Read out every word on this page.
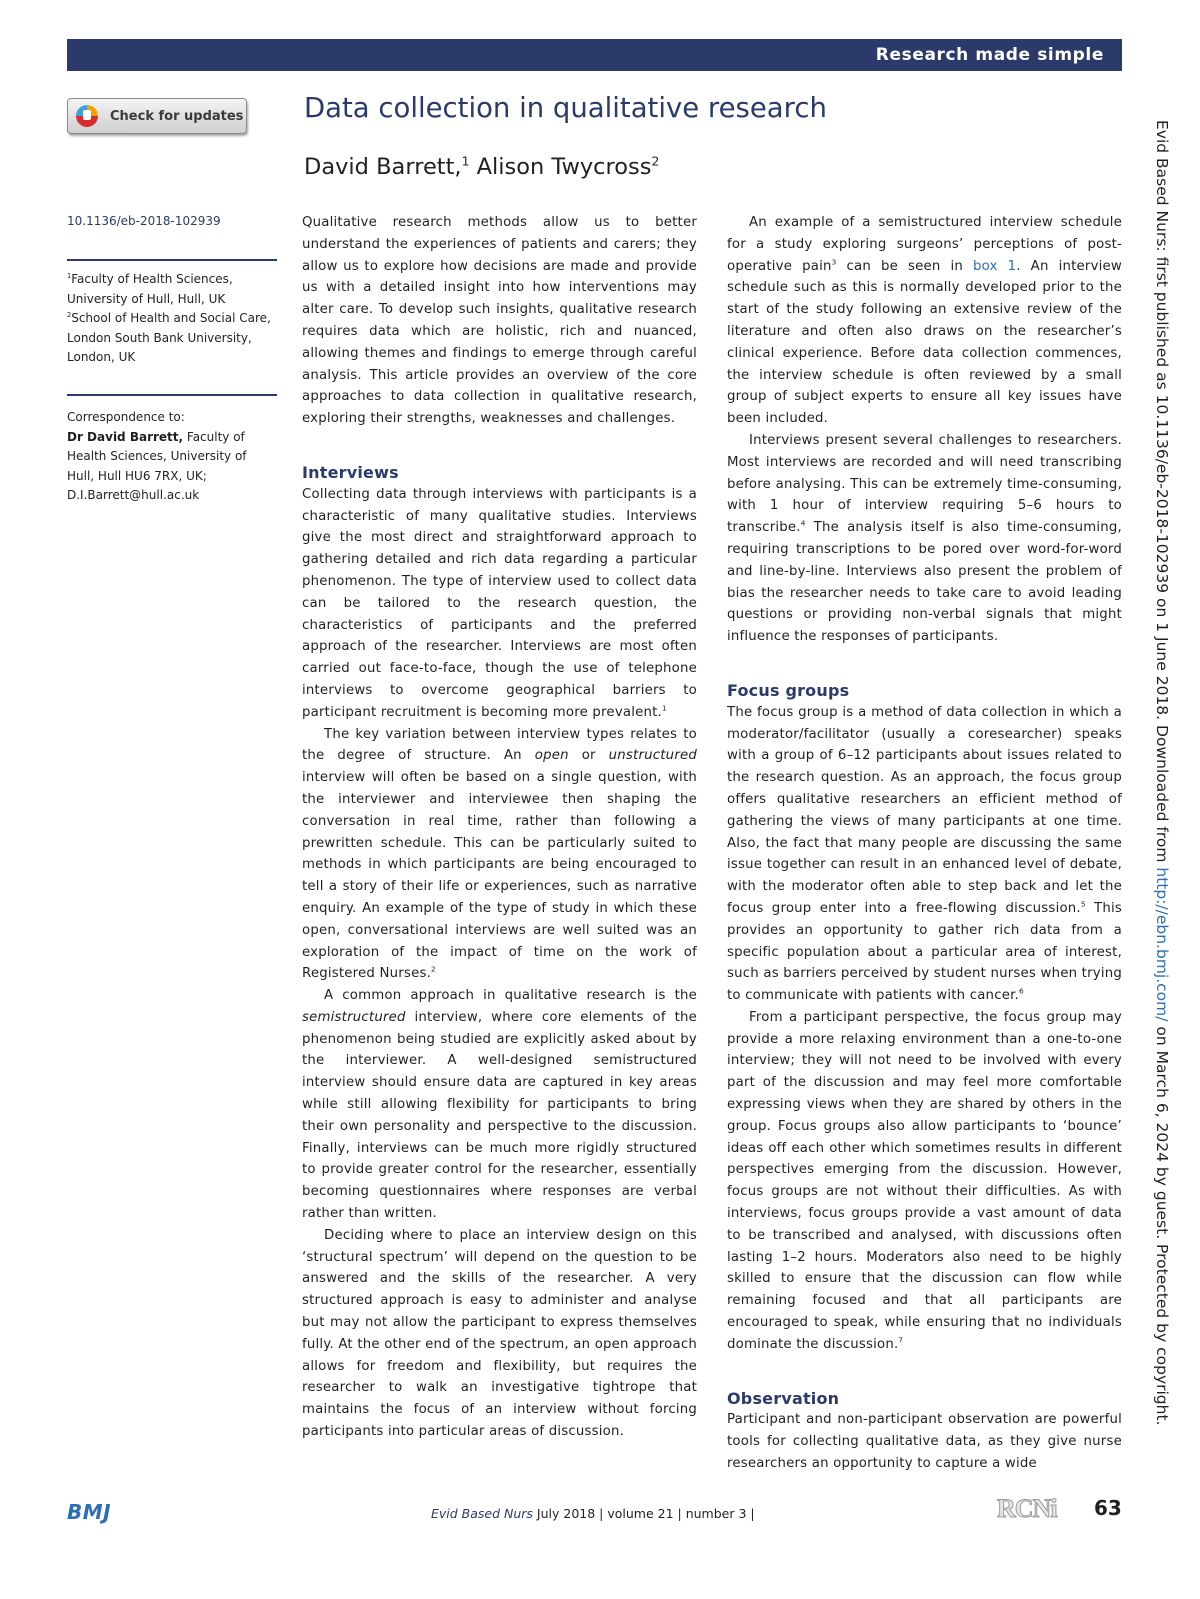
Research made simple
Check for updates Data collection in qualitative research
David Barrett,$^1$ Alison Twycross$^2$
10.1136/eb-2018-102939
$^1$Faculty of Health Sciences, University of Hull, Hull, UK
$^2$School of Health and Social Care, London South Bank University, London, UK
Correspondence to:
Dr David Barrett, Faculty of Health Sciences, University of Hull, Hull HU6 7RX, UK; D.I.Barrett@hull.ac.uk

Qualitative research methods allow us to better understand the experiences of patients and carers; they allow us to explore how decisions are made and provide us with a detailed insight into how interventions may alter care. To develop such insights, qualitative research requires data which are holistic, rich and nuanced, allowing themes and findings to emerge through careful analysis. This article provides an overview of the core approaches to data collection in qualitative research, exploring their strengths, weaknesses and challenges.

Interviews

Collecting data through interviews with participants is a characteristic of many qualitative studies. Interviews give the most direct and straightforward approach to gathering detailed and rich data regarding a particular phenomenon. The type of interview used to collect data can be tailored to the research question, the characteristics of participants and the preferred approach of the researcher. Interviews are most often carried out face-to-face, though the use of telephone interviews to overcome geographical barriers to participant recruitment is becoming more prevalent.$^1$

The key variation between interview types relates to the degree of structure. An open or unstructured interview will often be based on a single question, with the interviewer and interviewee then shaping the conversation in real time, rather than following a prewritten schedule. This can be particularly suited to methods in which participants are being encouraged to tell a story of their life or experiences, such as narrative enquiry. An example of the type of study in which these open, conversational interviews are well suited was an exploration of the impact of time on the work of Registered Nurses.$^2$

A common approach in qualitative research is the semistructured interview, where core elements of the phenomenon being studied are explicitly asked about by the interviewer. A well-designed semistructured interview should ensure data are captured in key areas while still allowing flexibility for participants to bring their own personality and perspective to the discussion. Finally, interviews can be much more rigidly structured to provide greater control for the researcher, essentially becoming questionnaires where responses are verbal rather than written.

Deciding where to place an interview design on this ‘structural spectrum’ will depend on the question to be answered and the skills of the researcher. A very structured approach is easy to administer and analyse but may not allow the participant to express themselves fully. At the other end of the spectrum, an open approach allows for freedom and flexibility, but requires the researcher to walk an investigative tightrope that maintains the focus of an interview without forcing participants into particular areas of discussion.

An example of a semistructured interview schedule for a study exploring surgeons’ perceptions of post-operative pain$^3$ can be seen in box 1. An interview schedule such as this is normally developed prior to the start of the study following an extensive review of the literature and often also draws on the researcher’s clinical experience. Before data collection commences, the interview schedule is often reviewed by a small group of subject experts to ensure all key issues have been included.

Interviews present several challenges to researchers. Most interviews are recorded and will need transcribing before analysing. This can be extremely time-consuming, with 1 hour of interview requiring 5–6 hours to transcribe.$^4$ The analysis itself is also time-consuming, requiring transcriptions to be pored over word-for-word and line-by-line. Interviews also present the problem of bias the researcher needs to take care to avoid leading questions or providing non-verbal signals that might influence the responses of participants.

Focus groups

The focus group is a method of data collection in which a moderator/facilitator (usually a coresearcher) speaks with a group of 6–12 participants about issues related to the research question. As an approach, the focus group offers qualitative researchers an efficient method of gathering the views of many participants at one time. Also, the fact that many people are discussing the same issue together can result in an enhanced level of debate, with the moderator often able to step back and let the focus group enter into a free-flowing discussion.$^5$ This provides an opportunity to gather rich data from a specific population about a particular area of interest, such as barriers perceived by student nurses when trying to communicate with patients with cancer.$^6$

From a participant perspective, the focus group may provide a more relaxing environment than a one-to-one interview; they will not need to be involved with every part of the discussion and may feel more comfortable expressing views when they are shared by others in the group. Focus groups also allow participants to ‘bounce’ ideas off each other which sometimes results in different perspectives emerging from the discussion. However, focus groups are not without their difficulties. As with interviews, focus groups provide a vast amount of data to be transcribed and analysed, with discussions often lasting 1–2 hours. Moderators also need to be highly skilled to ensure that the discussion can flow while remaining focused and that all participants are encouraged to speak, while ensuring that no individuals dominate the discussion.$^7$

Observation

Participant and non-participant observation are powerful tools for collecting qualitative data, as they give nurse researchers an opportunity to capture a wide

Evid Based Nurs: first published as 10.1136/eb-2018-102939 on 1 June 2018. Downloaded from http://ebn.bmj.com/ on March 6, 2024 by guest. Protected by copyright.
BMJ	Evid Based Nurs July 2018 | volume 21 | number 3 |	RCNi 63
